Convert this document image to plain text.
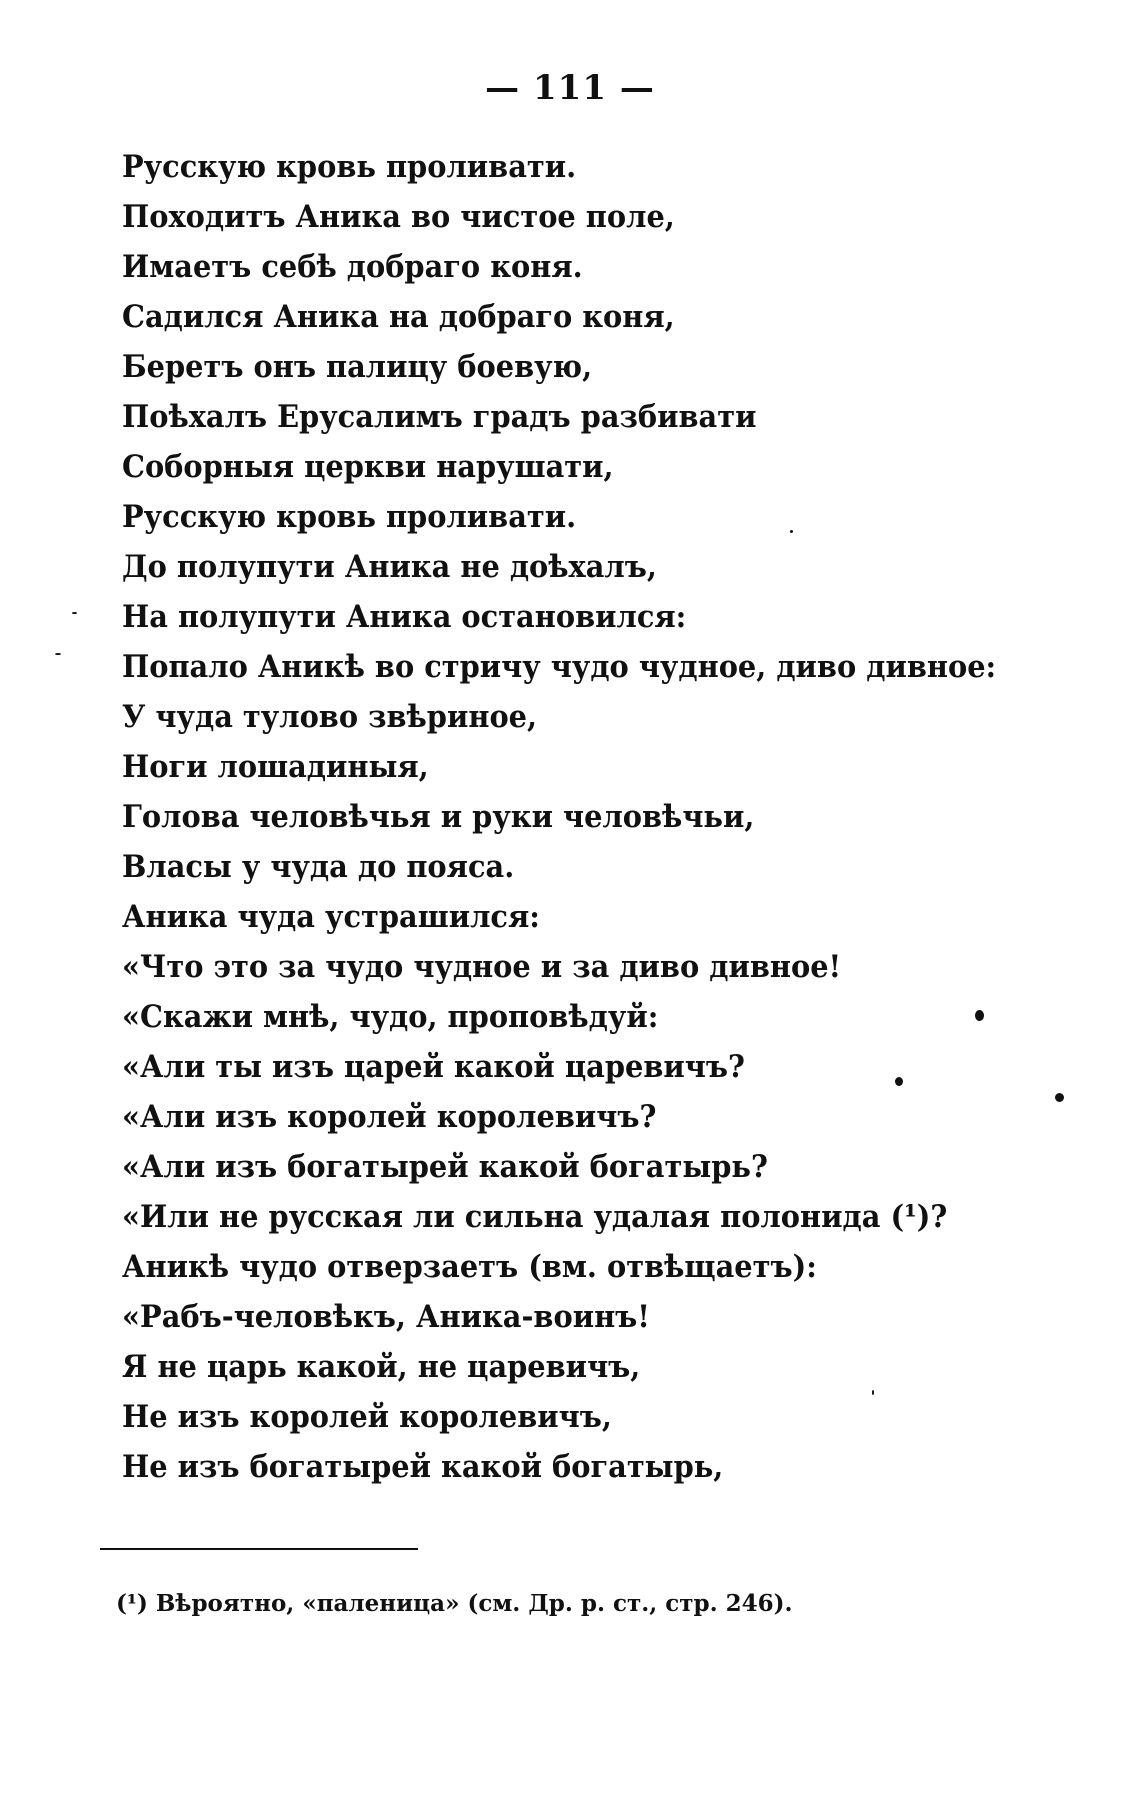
— 111 —
Русскую кровь проливати.
Походитъ Аника во чистое поле,
Имаетъ себѣ добраго коня.
Садился Аника на добраго коня,
Беретъ онъ палицу боевую,
Поѣхалъ Ерусалимъ градъ разбивати
Соборныя церкви нарушати,
Русскую кровь проливати.
До полупути Аника не доѣхалъ,
На полупути Аника остановился:
Попало Аникѣ во стричу чудо чудное, диво дивное:
У чуда тулово звѣриное,
Ноги лошадиныя,
Голова человѣчья и руки человѣчьи,
Власы у чуда до пояса.
Аника чуда устрашился:
«Что это за чудо чудное и за диво дивное!
«Скажи мнѣ, чудо, проповѣдуй:
«Али ты изъ царей какой царевичъ?
«Али изъ королей королевичъ?
«Али изъ богатырей какой богатырь?
«Или не русская ли сильна удалая полонида (¹)?
Аникѣ чудо отверзаетъ (вм. отвѣщаетъ):
«Рабъ-человѣкъ, Аника-воинъ!
Я не царь какой, не царевичъ,
Не изъ королей королевичъ,
Не изъ богатырей какой богатырь,
(¹) Вѣроятно, «паленица» (см. Др. р. ст., стр. 246).
